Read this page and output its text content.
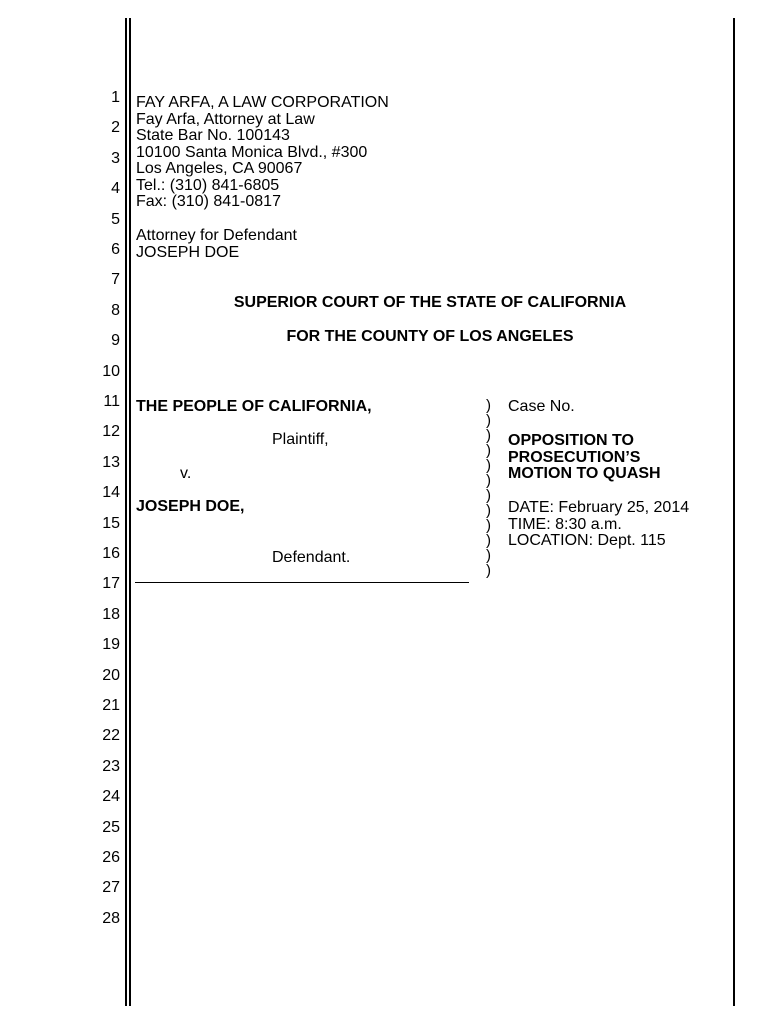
1
2
3
4
5
6
7
8
9
10
11
12
13
14
15
16
17
18
19
20
21
22
23
24
25
26
27
28
FAY ARFA, A LAW CORPORATION
Fay Arfa, Attorney at Law
State Bar No. 100143
10100 Santa Monica Blvd., #300
Los Angeles, CA 90067
Tel.: (310) 841-6805
Fax: (310) 841-0817
Attorney for Defendant
JOSEPH DOE
SUPERIOR COURT OF THE STATE OF CALIFORNIA
FOR THE COUNTY OF LOS ANGELES
THE PEOPLE OF CALIFORNIA,
Plaintiff,
v.
JOSEPH DOE,
Defendant.
)
)
)
)
)
)
)
)
)
)
)
)
Case No.
OPPOSITION TO
PROSECUTION’S
MOTION TO QUASH
DATE: February 25, 2014
TIME: 8:30 a.m.
LOCATION: Dept. 115
